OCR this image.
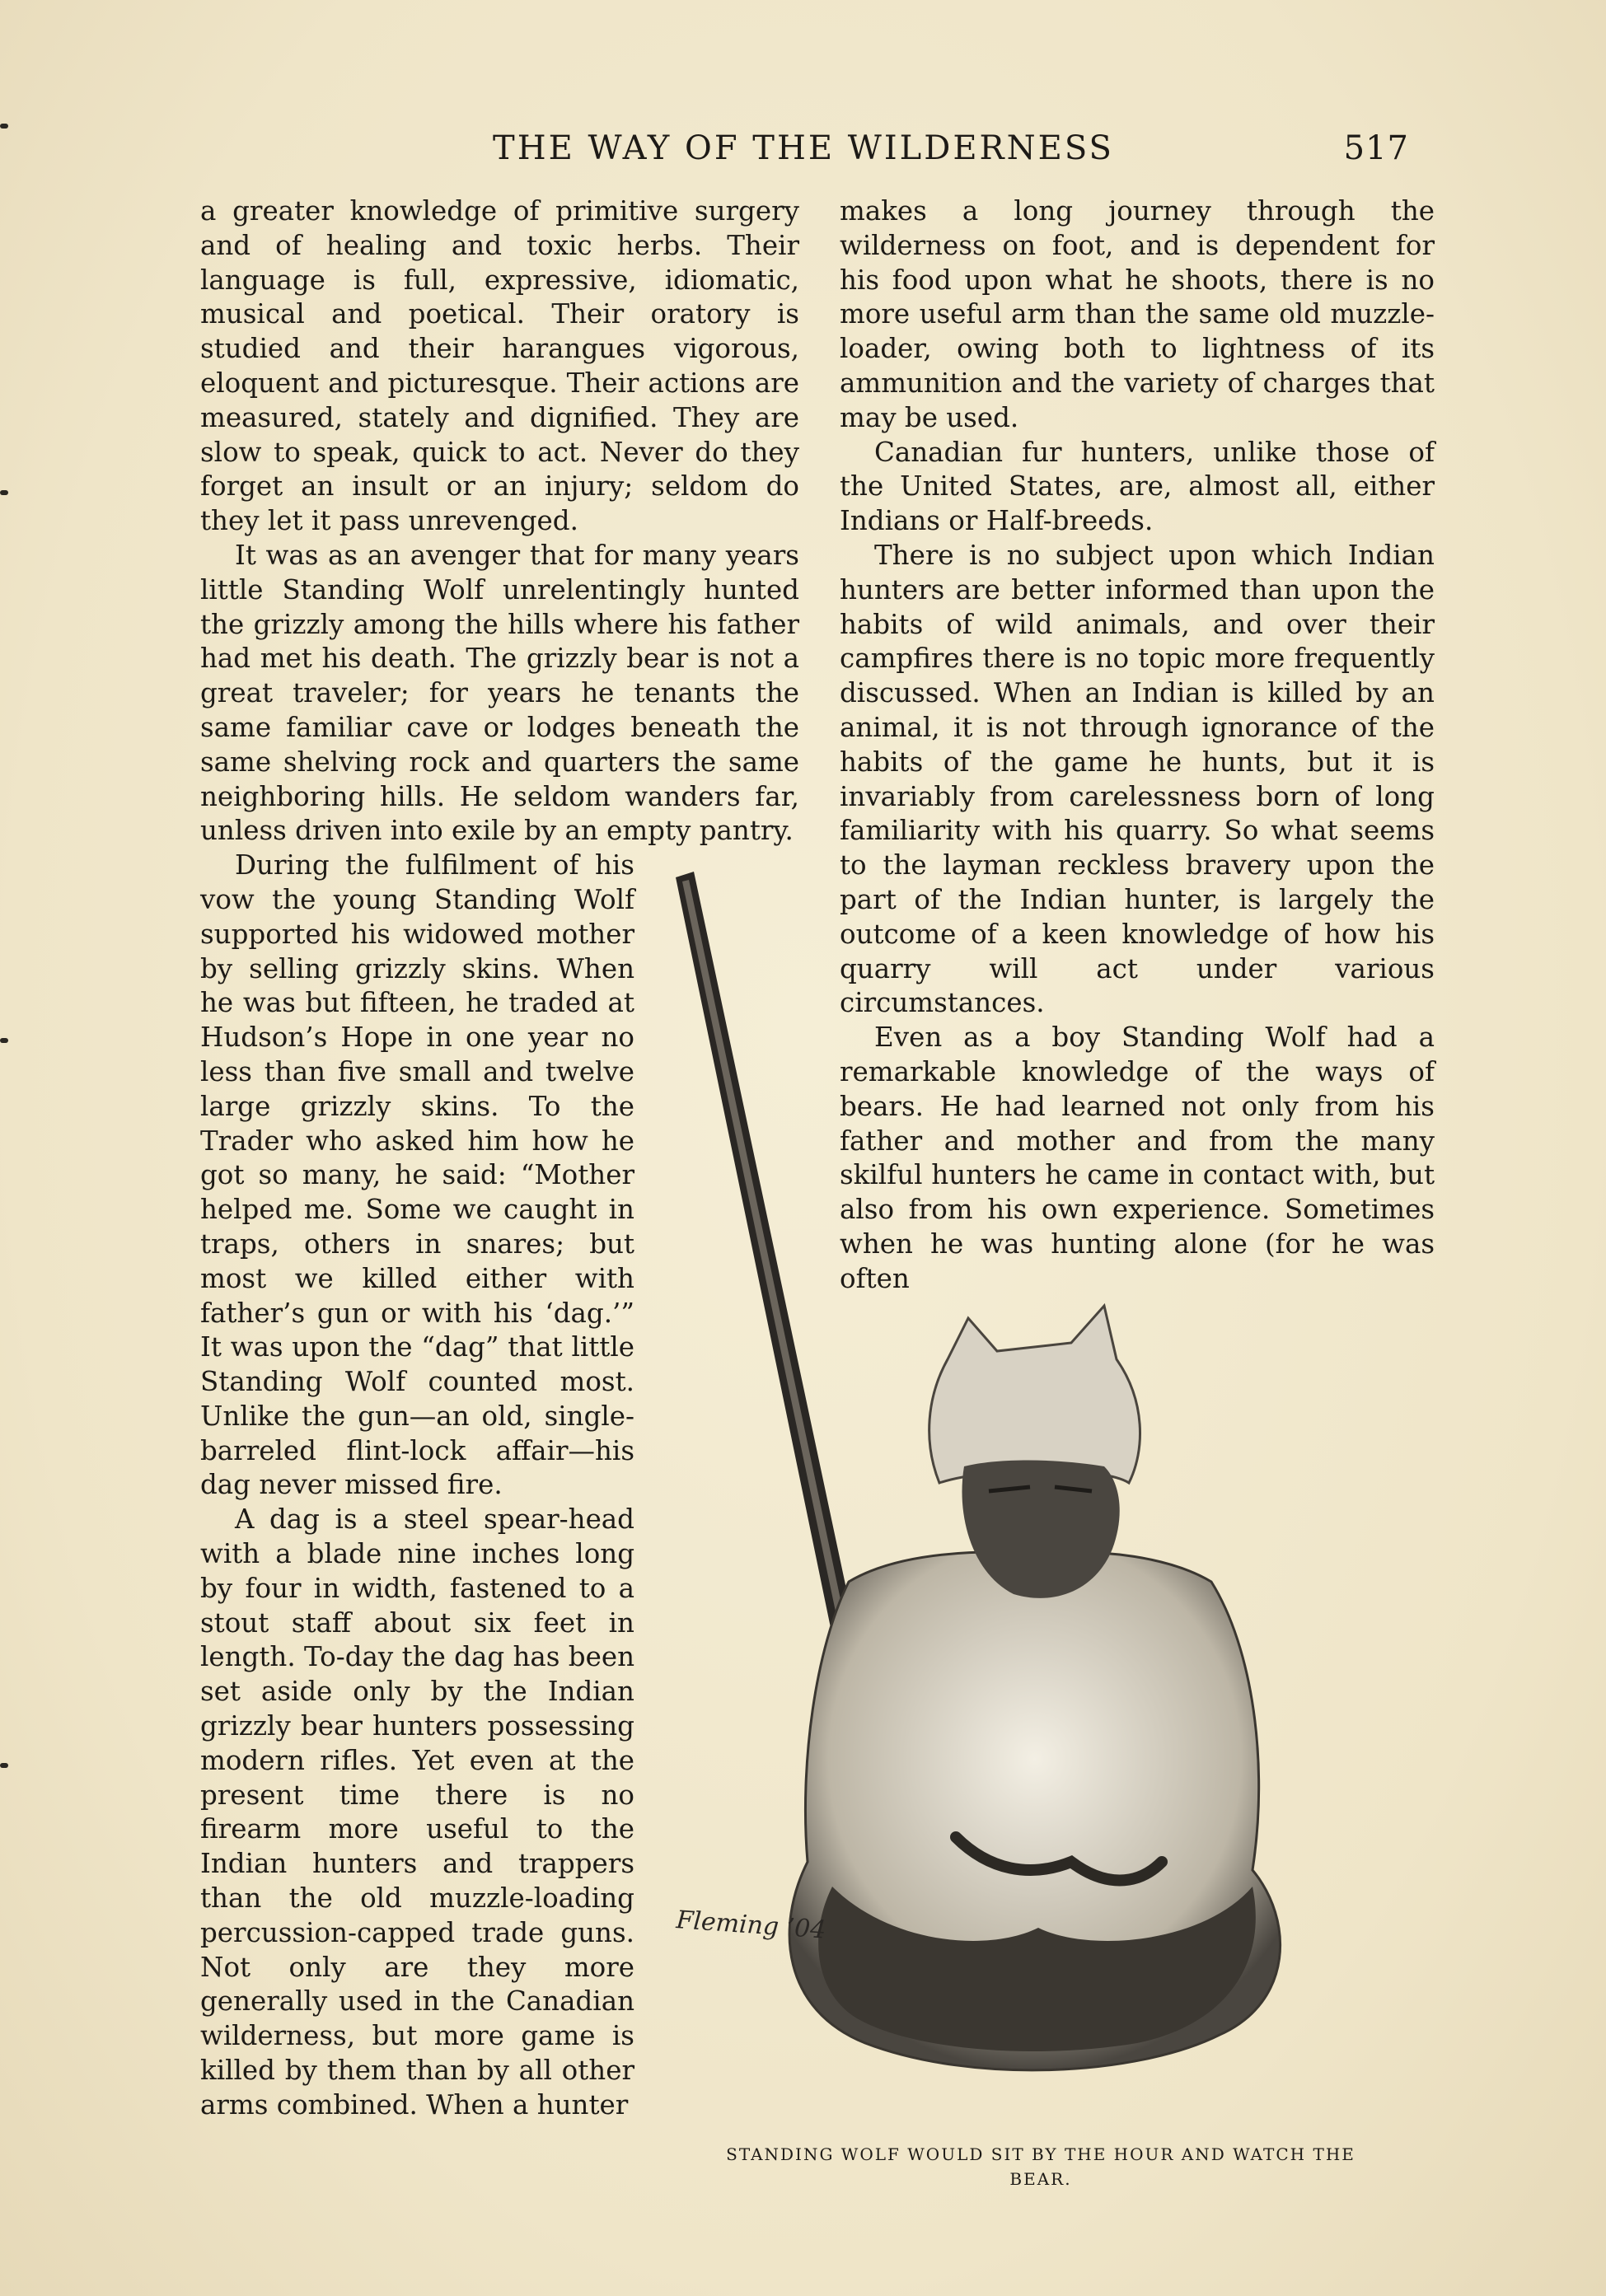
THE WAY OF THE WILDERNESS	517

a greater knowledge of primitive surgery and of healing and toxic herbs. Their language is full, expressive, idiomatic, musical and poetical. Their oratory is studied and their harangues vigorous, eloquent and picturesque. Their actions are measured, stately and dignified. They are slow to speak, quick to act. Never do they forget an insult or an injury; seldom do they let it pass unrevenged.

It was as an avenger that for many years little Standing Wolf unrelentingly hunted the grizzly among the hills where his father had met his death. The grizzly bear is not a great traveler; for years he tenants the same familiar cave or lodges beneath the same shelving rock and quarters the same neighboring hills. He seldom wanders far, unless driven into exile by an empty pantry.

During the fulfilment of his vow the young Standing Wolf supported his widowed mother by selling grizzly skins. When he was but fifteen, he traded at Hudson’s Hope in one year no less than five small and twelve large grizzly skins. To the Trader who asked him how he got so many, he said: “Mother helped me. Some we caught in traps, others in snares; but most we killed either with father’s gun or with his ‘dag.’” It was upon the “dag” that little Standing Wolf counted most. Unlike the gun—an old, single-barreled flint-lock affair—his dag never missed fire.

A dag is a steel spear-head with a blade nine inches long by four in width, fastened to a stout staff about six feet in length. To-day the dag has been set aside only by the Indian grizzly bear hunters possessing modern rifles. Yet even at the present time there is no firearm more useful to the Indian hunters and trappers than the old muzzle-loading percussion-capped trade guns. Not only are they more generally used in the Canadian wilderness, but more game is killed by them than by all other arms combined. When a hunter

makes a long journey through the wilderness on foot, and is dependent for his food upon what he shoots, there is no more useful arm than the same old muzzle-loader, owing both to lightness of its ammunition and the variety of charges that may be used.

Canadian fur hunters, unlike those of the United States, are, almost all, either Indians or Half-breeds.

There is no subject upon which Indian hunters are better informed than upon the habits of wild animals, and over their campfires there is no topic more frequently discussed. When an Indian is killed by an animal, it is not through ignorance of the habits of the game he hunts, but it is invariably from carelessness born of long familiarity with his quarry. So what seems to the layman reckless bravery upon the part of the Indian hunter, is largely the outcome of a keen knowledge of how his quarry will act under various circumstances.

Even as a boy Standing Wolf had a remarkable knowledge of the ways of bears. He had learned not only from his father and mother and from the many skilful hunters he came in contact with, but also from his own experience. Sometimes when he was hunting alone (for he was often

Fleming ’04
STANDING WOLF WOULD SIT BY THE HOUR AND WATCH THE BEAR.
